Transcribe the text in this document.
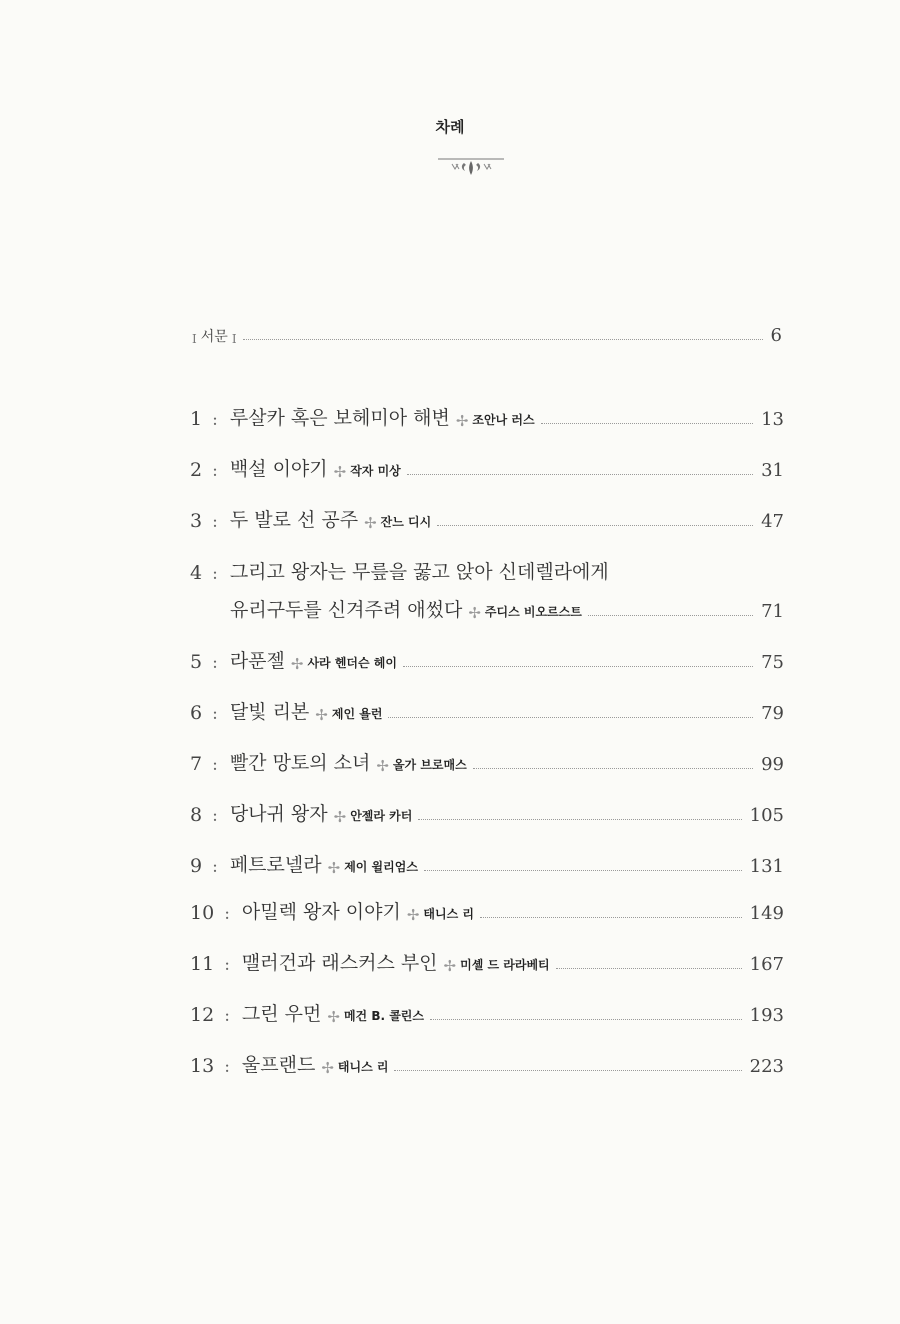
차례
I 서문 I	6
1 : 루살카 혹은 보헤미아 해변 ✢ 조안나 러스	13
2 : 백설 이야기 ✢ 작자 미상	31
3 : 두 발로 선 공주 ✢ 잔느 디시	47
4 : 그리고 왕자는 무릎을 꿇고 앉아 신데렐라에게
유리구두를 신겨주려 애썼다 ✢ 주디스 비오르스트	71
5 : 라푼젤 ✢ 사라 헨더슨 헤이	75
6 : 달빛 리본 ✢ 제인 욜런	79
7 : 빨간 망토의 소녀 ✢ 올가 브로매스	99
8 : 당나귀 왕자 ✢ 안젤라 카터	105
9 : 페트로넬라 ✢ 제이 윌리엄스	131
10 : 아밀렉 왕자 이야기 ✢ 태니스 리	149
11 : 맬러건과 래스커스 부인 ✢ 미셸 드 라라베티	167
12 : 그린 우먼 ✢ 메건 B. 콜린스	193
13 : 울프랜드 ✢ 태니스 리	223
